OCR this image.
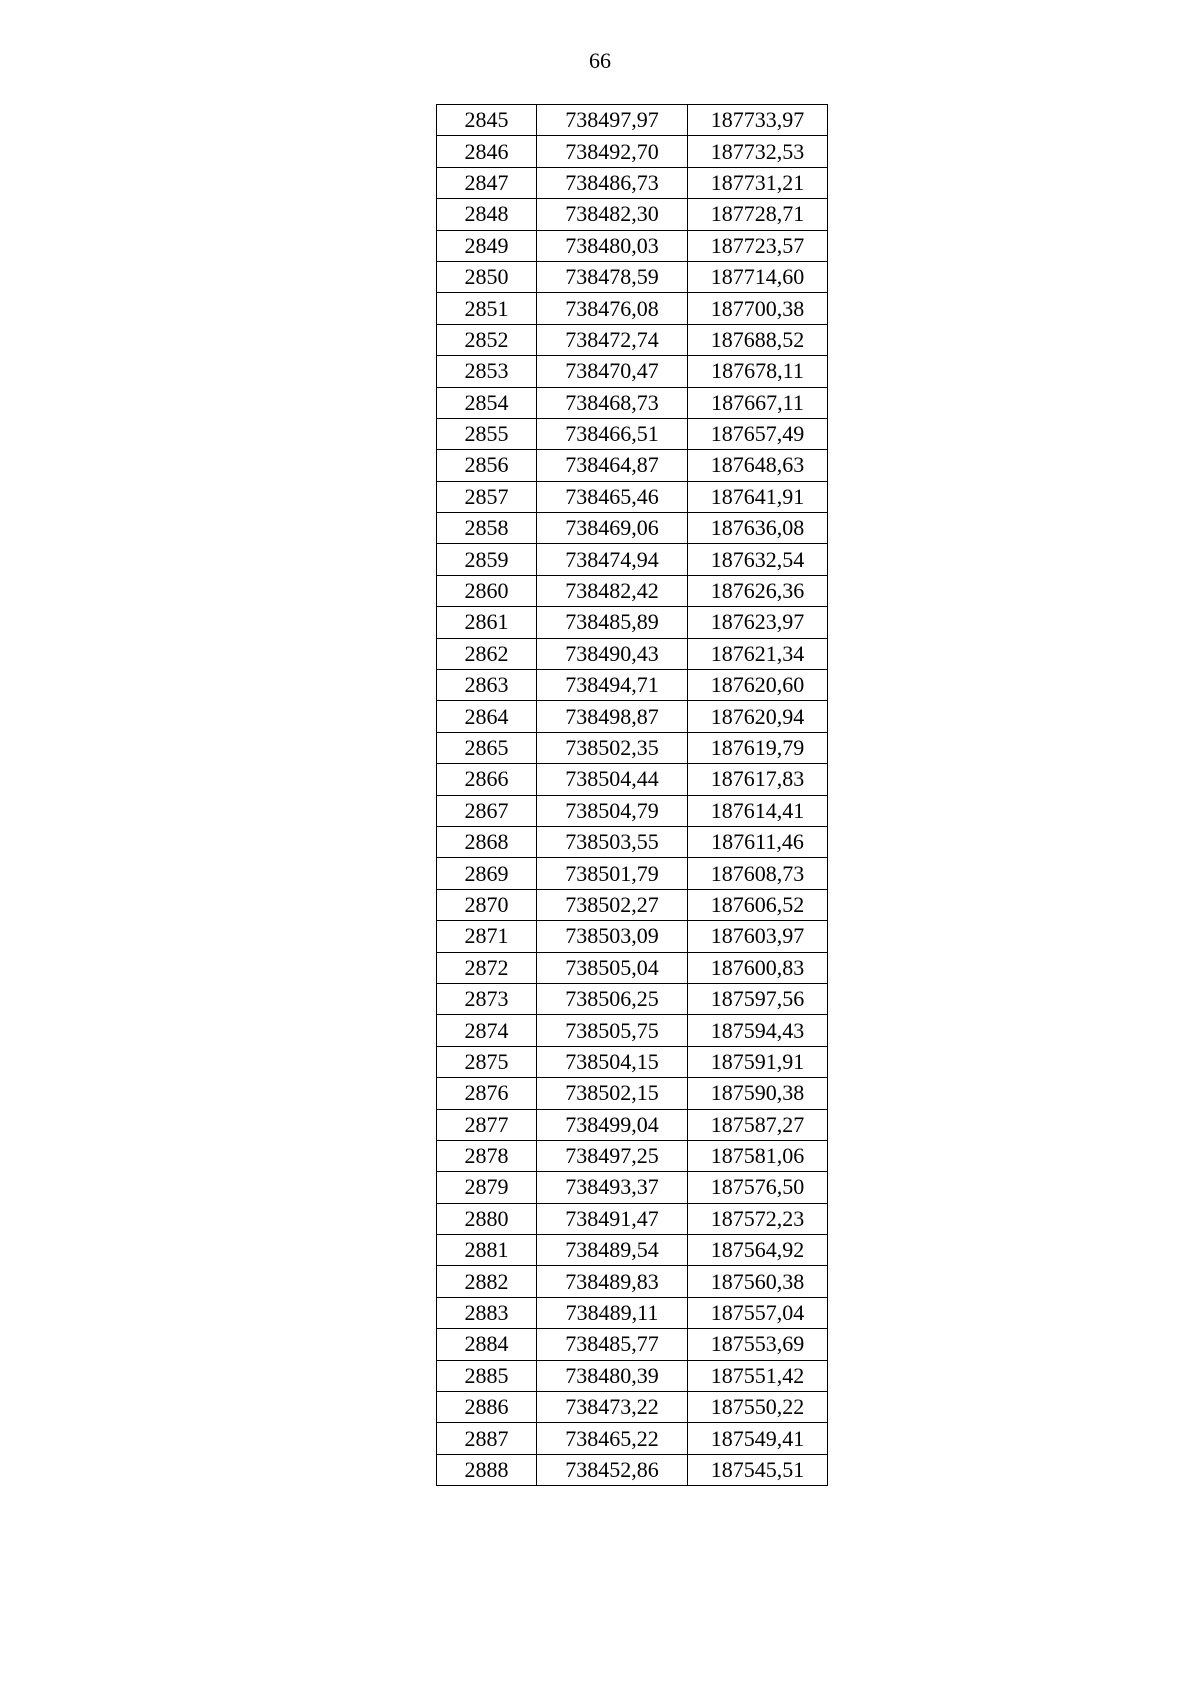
66
2845	738497,97	187733,97
2846	738492,70	187732,53
2847	738486,73	187731,21
2848	738482,30	187728,71
2849	738480,03	187723,57
2850	738478,59	187714,60
2851	738476,08	187700,38
2852	738472,74	187688,52
2853	738470,47	187678,11
2854	738468,73	187667,11
2855	738466,51	187657,49
2856	738464,87	187648,63
2857	738465,46	187641,91
2858	738469,06	187636,08
2859	738474,94	187632,54
2860	738482,42	187626,36
2861	738485,89	187623,97
2862	738490,43	187621,34
2863	738494,71	187620,60
2864	738498,87	187620,94
2865	738502,35	187619,79
2866	738504,44	187617,83
2867	738504,79	187614,41
2868	738503,55	187611,46
2869	738501,79	187608,73
2870	738502,27	187606,52
2871	738503,09	187603,97
2872	738505,04	187600,83
2873	738506,25	187597,56
2874	738505,75	187594,43
2875	738504,15	187591,91
2876	738502,15	187590,38
2877	738499,04	187587,27
2878	738497,25	187581,06
2879	738493,37	187576,50
2880	738491,47	187572,23
2881	738489,54	187564,92
2882	738489,83	187560,38
2883	738489,11	187557,04
2884	738485,77	187553,69
2885	738480,39	187551,42
2886	738473,22	187550,22
2887	738465,22	187549,41
2888	738452,86	187545,51
